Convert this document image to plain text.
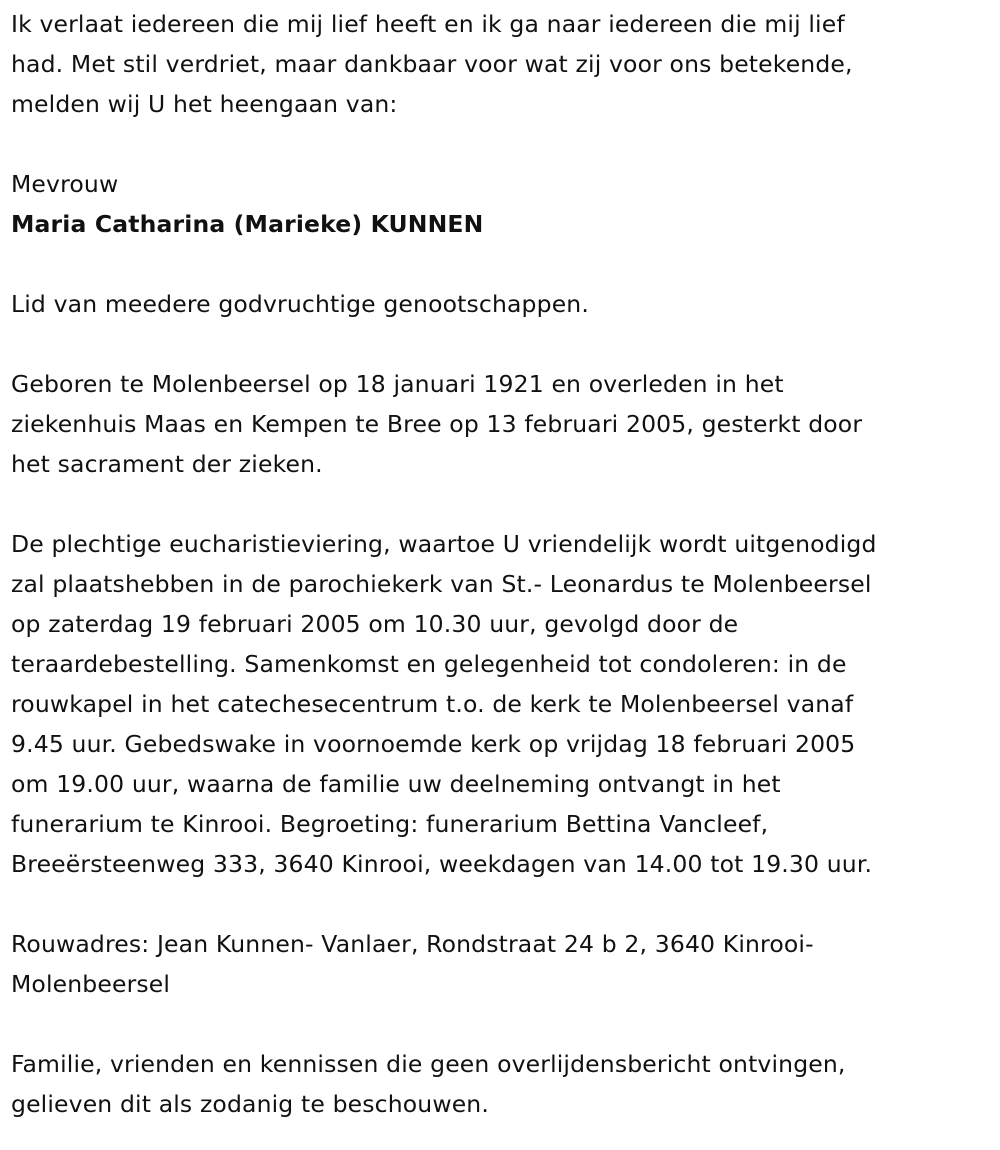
Ik verlaat iedereen die mij lief heeft en ik ga naar iedereen die mij lief
had. Met stil verdriet, maar dankbaar voor wat zij voor ons betekende,
melden wij U het heengaan van:

Mevrouw

Maria Catharina (Marieke) KUNNEN

Lid van meedere godvruchtige genootschappen.

Geboren te Molenbeersel op 18 januari 1921 en overleden in het
ziekenhuis Maas en Kempen te Bree op 13 februari 2005, gesterkt door
het sacrament der zieken.

De plechtige eucharistieviering, waartoe U vriendelijk wordt uitgenodigd
zal plaatshebben in de parochiekerk van St.- Leonardus te Molenbeersel
op zaterdag 19 februari 2005 om 10.30 uur, gevolgd door de
teraardebestelling. Samenkomst en gelegenheid tot condoleren: in de
rouwkapel in het catechesecentrum t.o. de kerk te Molenbeersel vanaf
9.45 uur. Gebedswake in voornoemde kerk op vrijdag 18 februari 2005
om 19.00 uur, waarna de familie uw deelneming ontvangt in het
funerarium te Kinrooi. Begroeting: funerarium Bettina Vancleef,
Breeërsteenweg 333, 3640 Kinrooi, weekdagen van 14.00 tot 19.30 uur.

Rouwadres: Jean Kunnen- Vanlaer, Rondstraat 24 b 2, 3640 Kinrooi-
Molenbeersel

Familie, vrienden en kennissen die geen overlijdensbericht ontvingen,
gelieven dit als zodanig te beschouwen.
